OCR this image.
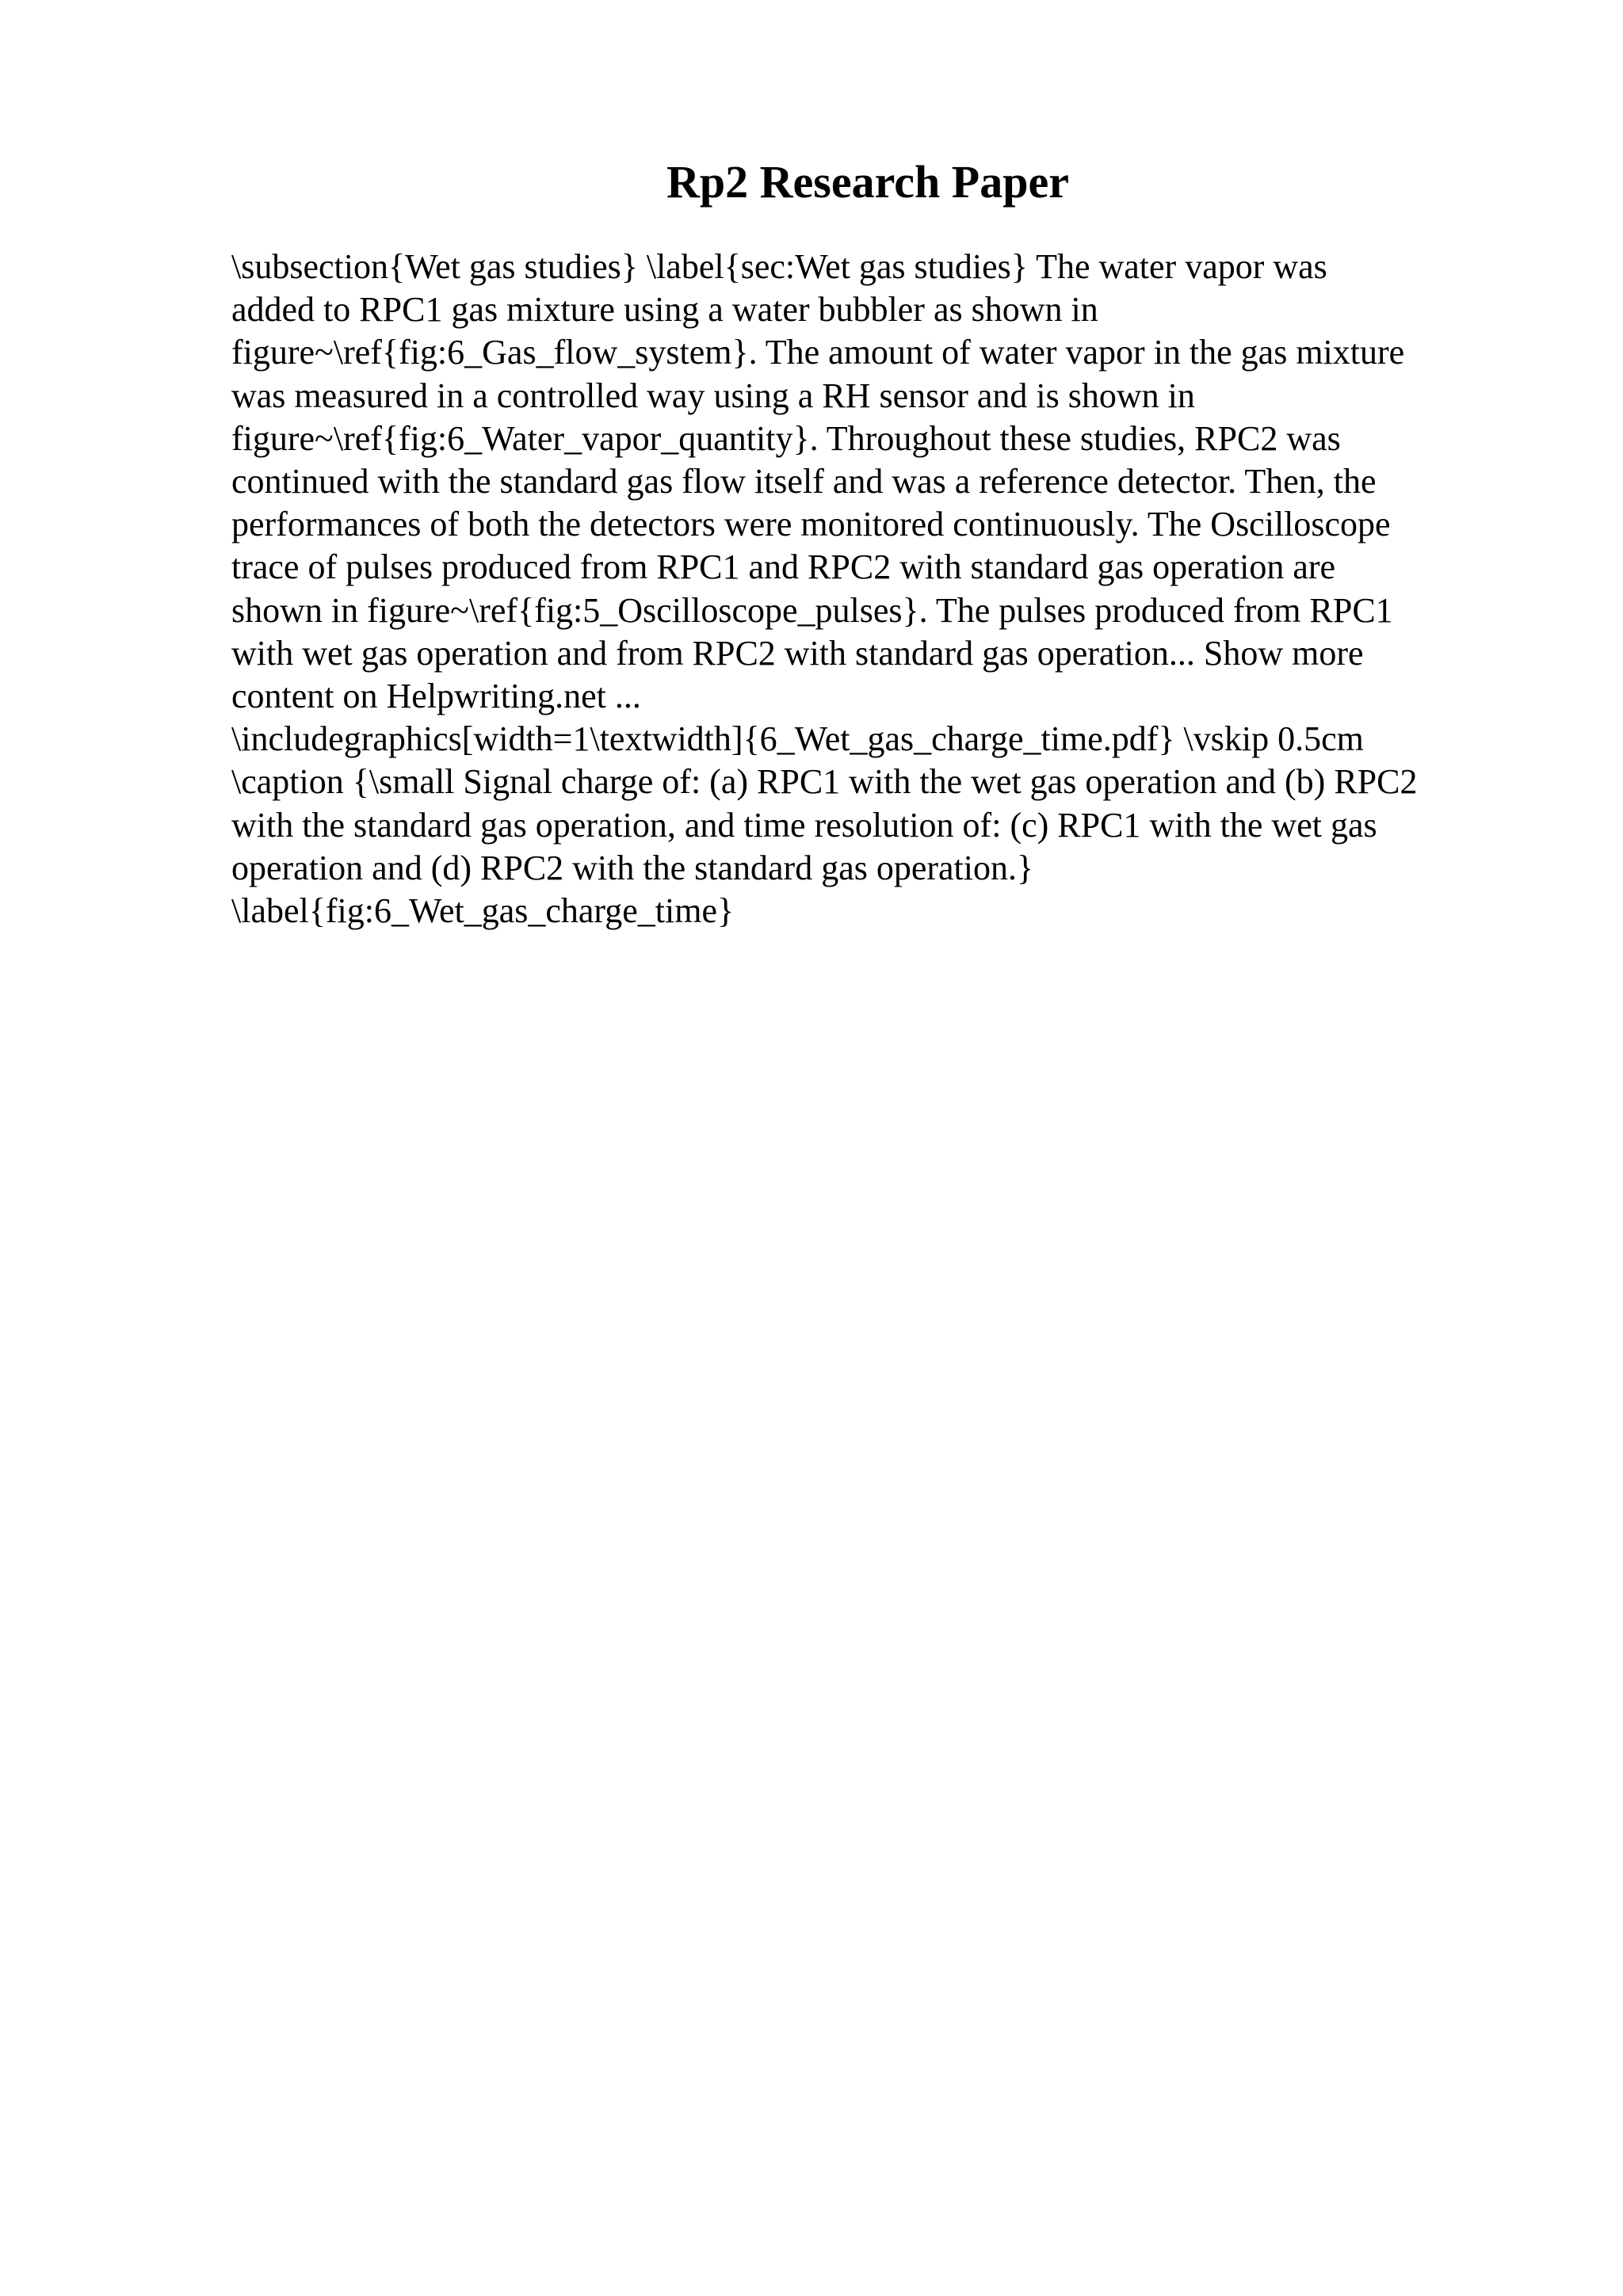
Rp2 Research Paper
\subsection{Wet gas studies} \label{sec:Wet gas studies} The water vapor was
added to RPC1 gas mixture using a water bubbler as shown in
figure~\ref{fig:6_Gas_flow_system}. The amount of water vapor in the gas mixture
was measured in a controlled way using a RH sensor and is shown in
figure~\ref{fig:6_Water_vapor_quantity}. Throughout these studies, RPC2 was
continued with the standard gas flow itself and was a reference detector. Then, the
performances of both the detectors were monitored continuously. The Oscilloscope
trace of pulses produced from RPC1 and RPC2 with standard gas operation are
shown in figure~\ref{fig:5_Oscilloscope_pulses}. The pulses produced from RPC1
with wet gas operation and from RPC2 with standard gas operation... Show more
content on Helpwriting.net ...
\includegraphics[width=1\textwidth]{6_Wet_gas_charge_time.pdf} \vskip 0.5cm
\caption {\small Signal charge of: (a) RPC1 with the wet gas operation and (b) RPC2
with the standard gas operation, and time resolution of: (c) RPC1 with the wet gas
operation and (d) RPC2 with the standard gas operation.}
\label{fig:6_Wet_gas_charge_time}
